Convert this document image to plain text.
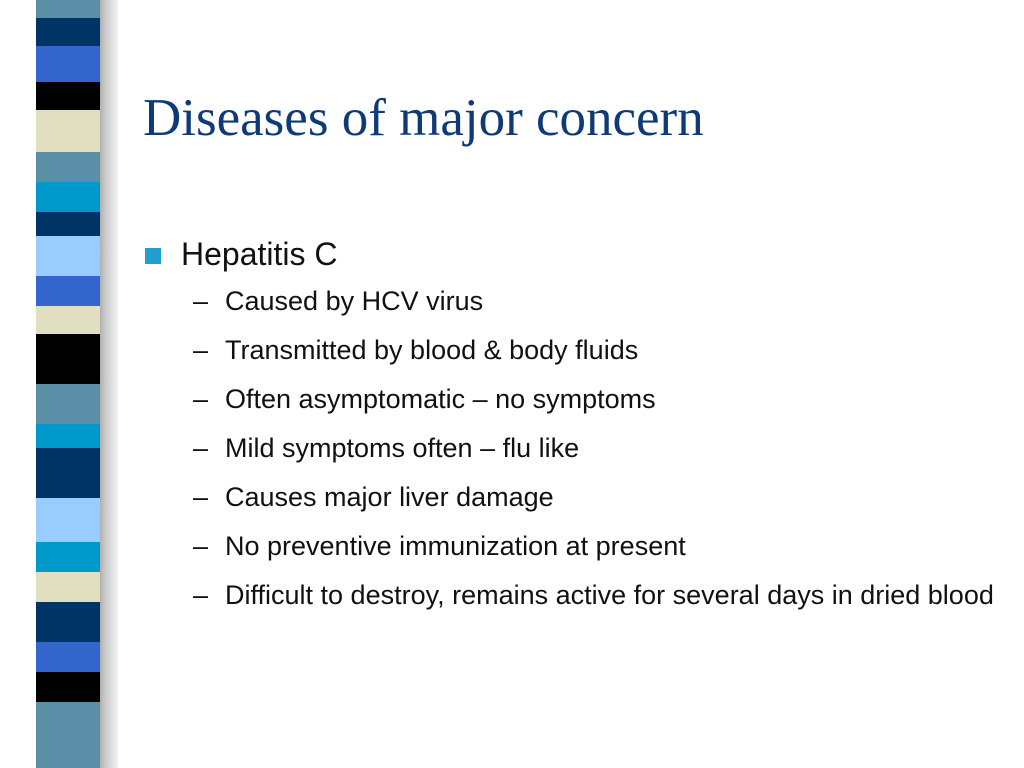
Diseases of major concern
Hepatitis C
– Caused by HCV virus
– Transmitted by blood & body fluids
– Often asymptomatic – no symptoms
– Mild symptoms often – flu like
– Causes major liver damage
– No preventive immunization at present
– Difficult to destroy, remains active for several days in dried blood
